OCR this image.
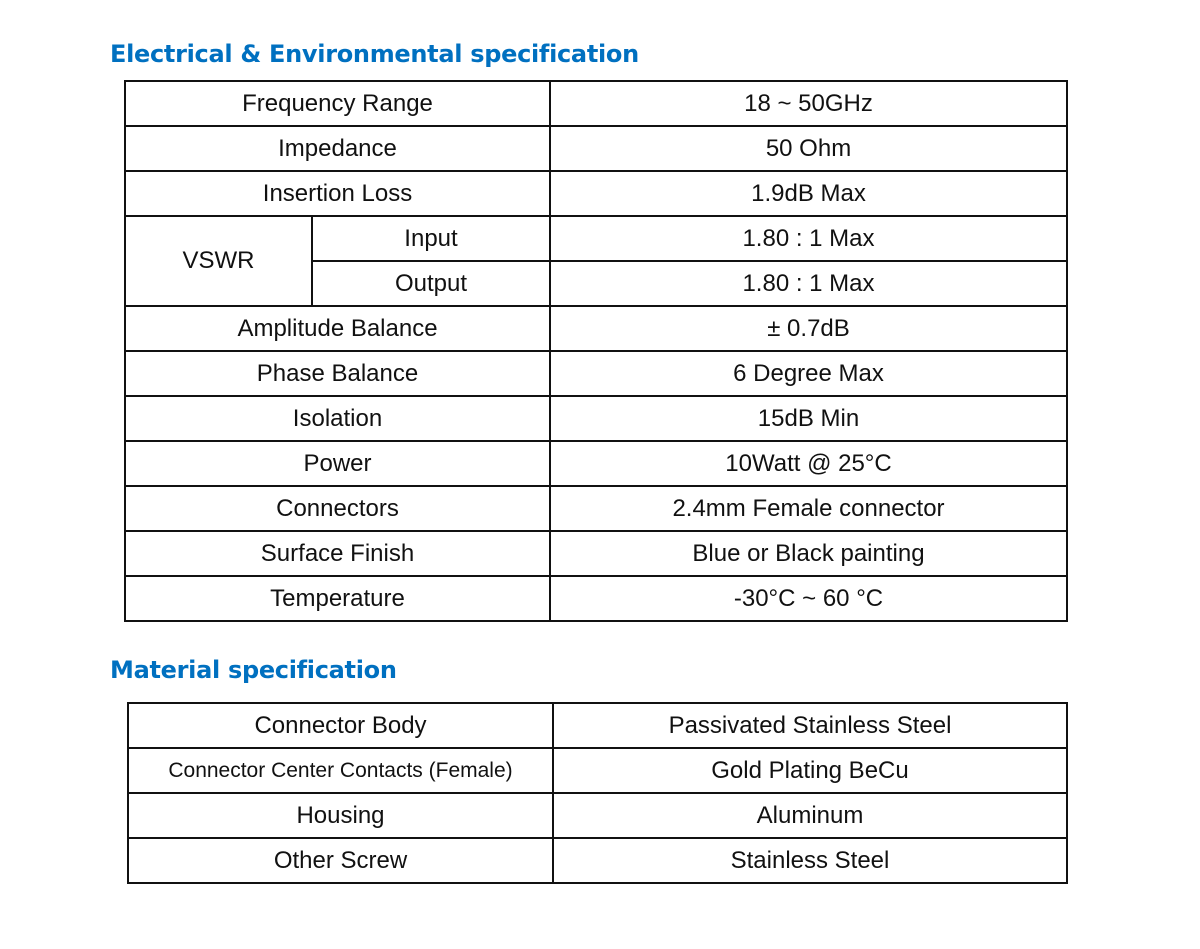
Electrical & Environmental specification
Frequency Range		18 ~ 50GHz
Impedance		50 Ohm
Insertion Loss		1.9dB Max
VSWR	Input	1.80 : 1 Max
	Output	1.80 : 1 Max
Amplitude Balance		± 0.7dB
Phase Balance		6 Degree Max
Isolation		15dB Min
Power		10Watt @ 25°C
Connectors		2.4mm Female connector
Surface Finish		Blue or Black painting
Temperature		-30°C ~ 60 °C
Material specification
Connector Body	Passivated Stainless Steel
Connector Center Contacts (Female)	Gold Plating BeCu
Housing	Aluminum
Other Screw	Stainless Steel
